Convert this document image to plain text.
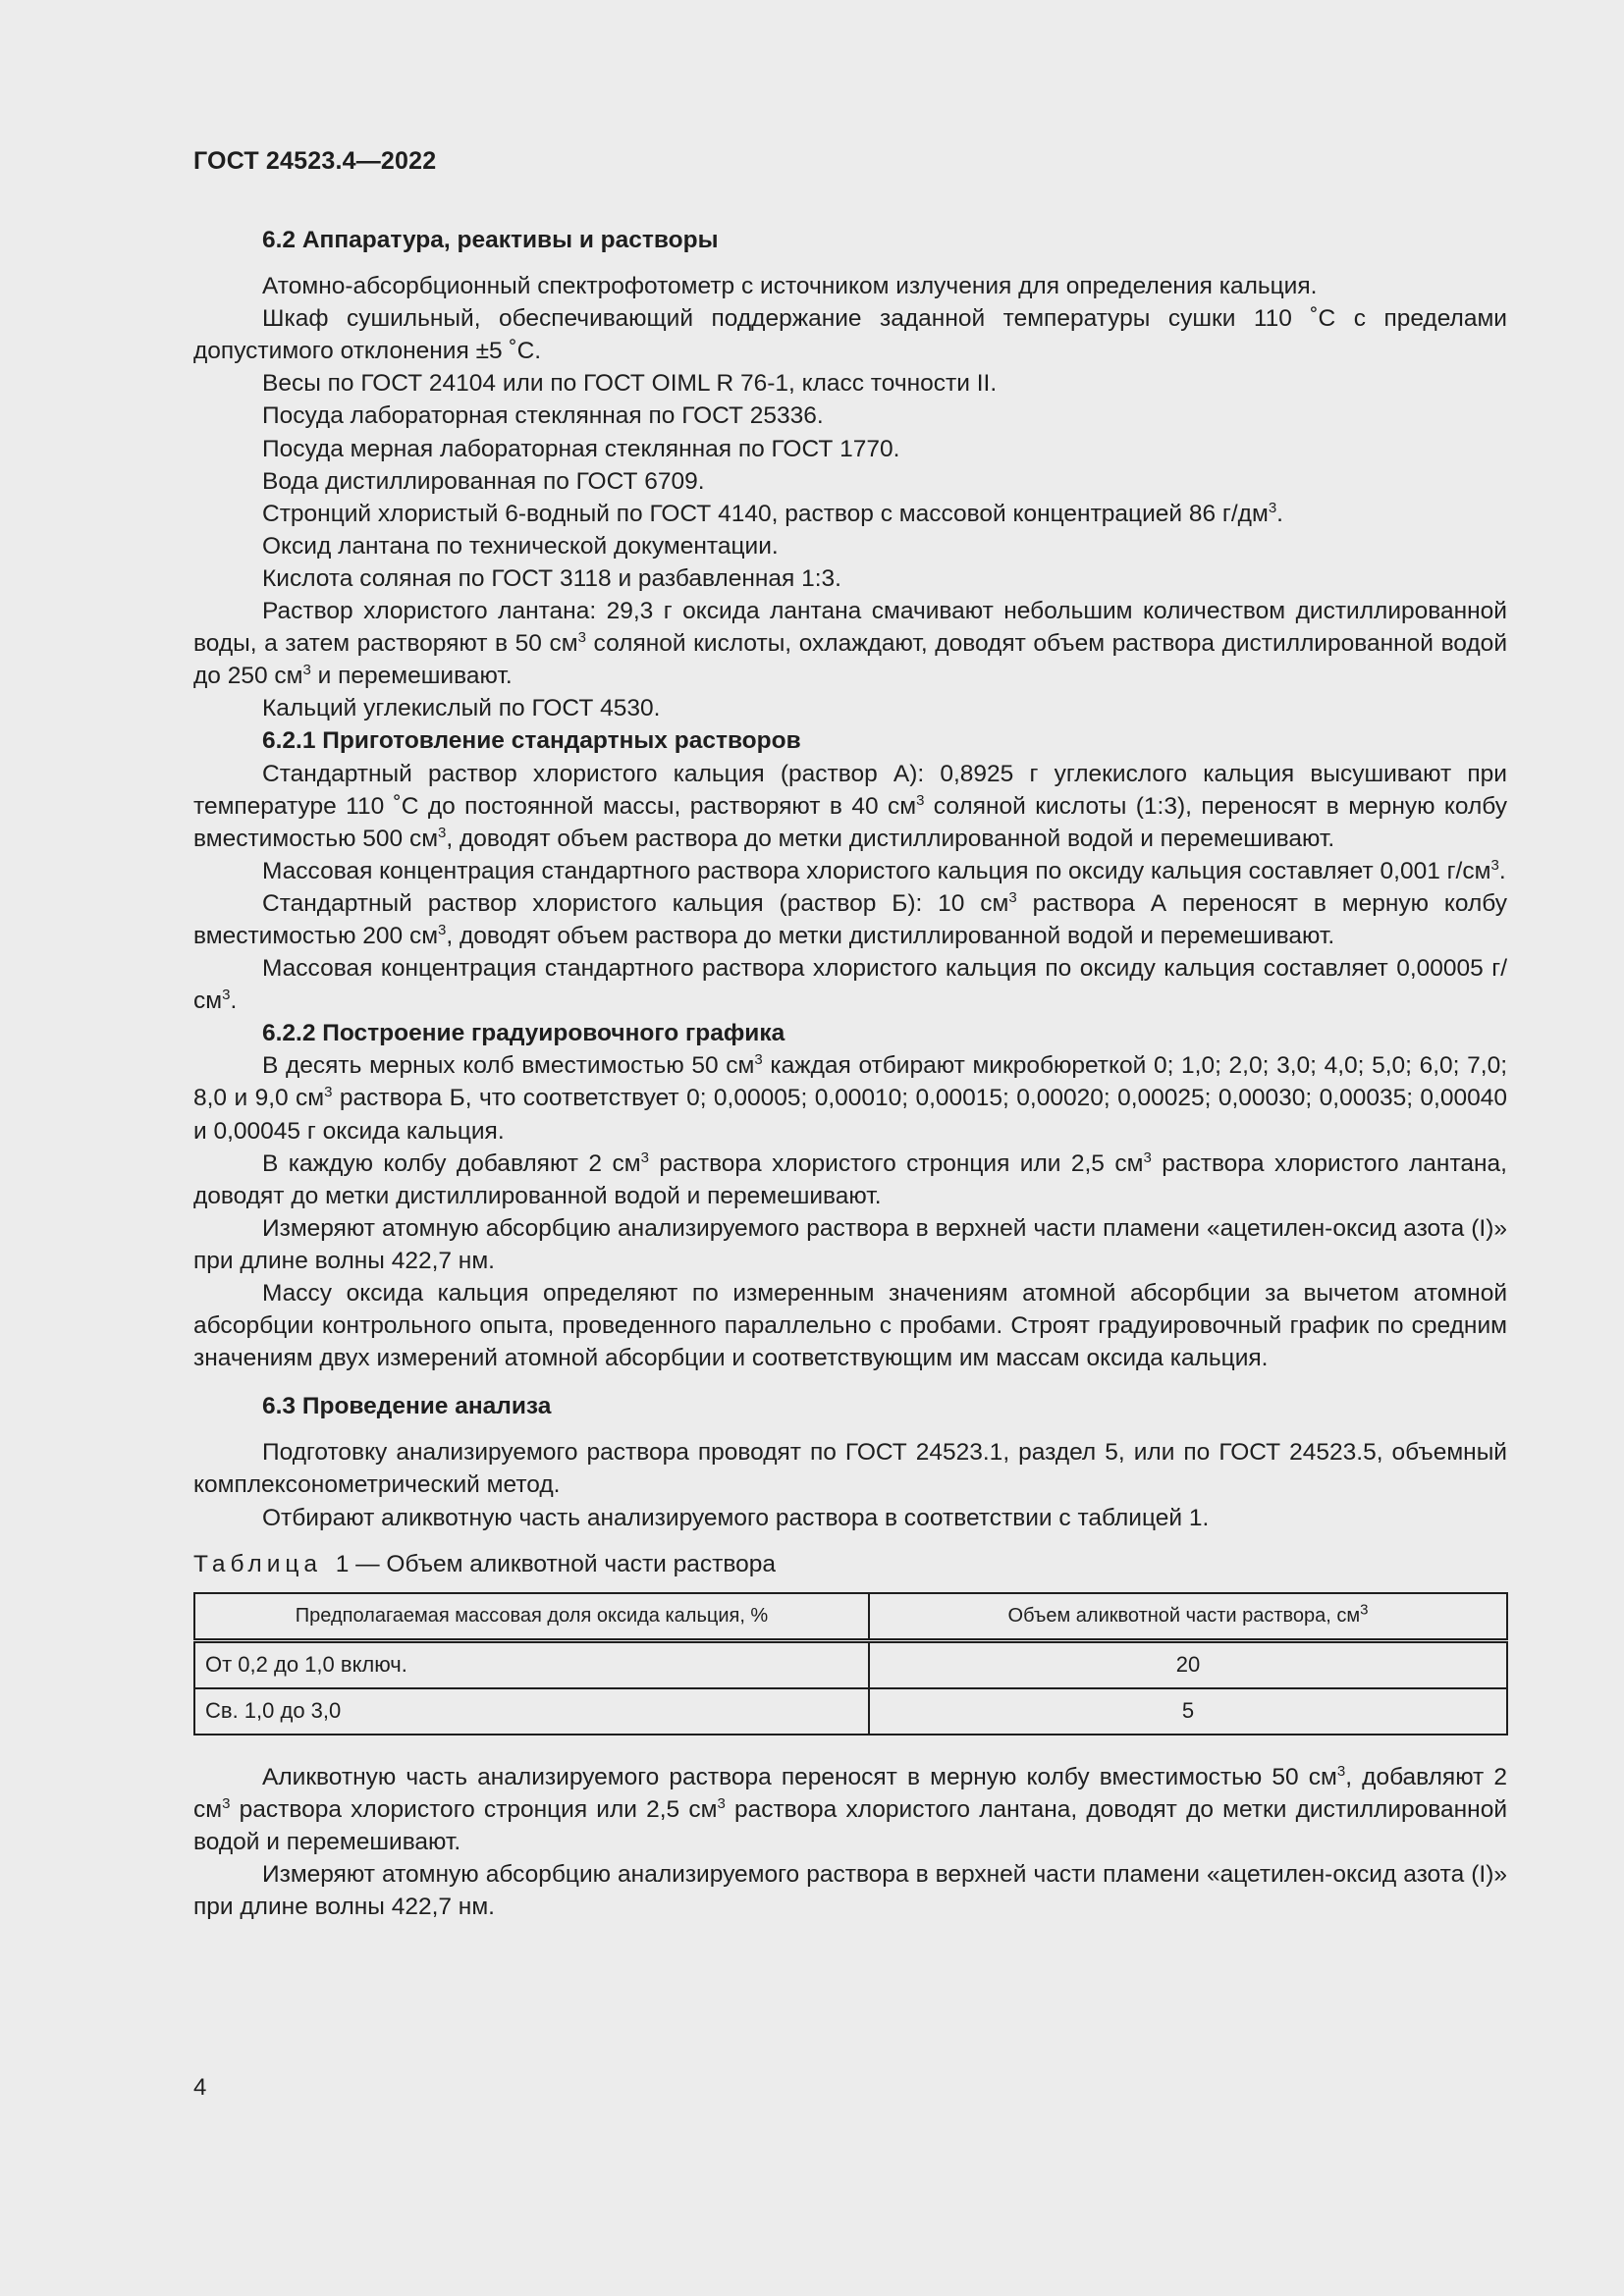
ГОСТ 24523.4—2022
6.2 Аппаратура, реактивы и растворы

Атомно-абсорбционный спектрофотометр с источником излучения для определения кальция.

Шкаф сушильный, обеспечивающий поддержание заданной температуры сушки 110 ˚С с пределами допустимого отклонения ±5 ˚С.

Весы по ГОСТ 24104 или по ГОСТ OIML R 76-1, класс точности II.

Посуда лабораторная стеклянная по ГОСТ 25336.

Посуда мерная лабораторная стеклянная по ГОСТ 1770.

Вода дистиллированная по ГОСТ 6709.

Стронций хлористый 6-водный по ГОСТ 4140, раствор с массовой концентрацией 86 $г/дм^3$.

Оксид лантана по технической документации.

Кислота соляная по ГОСТ 3118 и разбавленная 1:3.

Раствор хлористого лантана: 29,3 г оксида лантана смачивают небольшим количеством дистиллированной воды, а затем растворяют в 50 $см^3$ соляной кислоты, охлаждают, доводят объем раствора дистиллированной водой до 250 $см^3$ и перемешивают.

Кальций углекислый по ГОСТ 4530.

6.2.1 Приготовление стандартных растворов

Стандартный раствор хлористого кальция (раствор А): 0,8925 г углекислого кальция высушивают при температуре 110 ˚С до постоянной массы, растворяют в 40 $см^3$ соляной кислоты (1:3), переносят в мерную колбу вместимостью 500 $см^3$, доводят объем раствора до метки дистиллированной водой и перемешивают.

Массовая концентрация стандартного раствора хлористого кальция по оксиду кальция составляет 0,001 $г/см^3$.

Стандартный раствор хлористого кальция (раствор Б): 10 $см^3$ раствора А переносят в мерную колбу вместимостью 200 $см^3$, доводят объем раствора до метки дистиллированной водой и перемешивают.

Массовая концентрация стандартного раствора хлористого кальция по оксиду кальция составляет 0,00005 $г/см^3$.

6.2.2 Построение градуировочного графика

В десять мерных колб вместимостью 50 $см^3$ каждая отбирают микробюреткой 0; 1,0; 2,0; 3,0; 4,0; 5,0; 6,0; 7,0; 8,0 и 9,0 $см^3$ раствора Б, что соответствует 0; 0,00005; 0,00010; 0,00015; 0,00020; 0,00025; 0,00030; 0,00035; 0,00040 и 0,00045 г оксида кальция.

В каждую колбу добавляют 2 $см^3$ раствора хлористого стронция или 2,5 $см^3$ раствора хлористого лантана, доводят до метки дистиллированной водой и перемешивают.

Измеряют атомную абсорбцию анализируемого раствора в верхней части пламени «ацетилен-оксид азота (I)» при длине волны 422,7 нм.

Массу оксида кальция определяют по измеренным значениям атомной абсорбции за вычетом атомной абсорбции контрольного опыта, проведенного параллельно с пробами. Строят градуировочный график по средним значениям двух измерений атомной абсорбции и соответствующим им массам оксида кальция.

6.3 Проведение анализа

Подготовку анализируемого раствора проводят по ГОСТ 24523.1, раздел 5, или по ГОСТ 24523.5, объемный комплексонометрический метод.

Отбирают аликвотную часть анализируемого раствора в соответствии с таблицей 1.

Таблица 1 — Объем аликвотной части раствора

Предполагаемая массовая доля оксида кальция, %	Объем аликвотной части раствора, $см^3$
От 0,2 до 1,0 включ.	20
Св. 1,0 до 3,0	5

Аликвотную часть анализируемого раствора переносят в мерную колбу вместимостью 50 $см^3$, добавляют 2 $см^3$ раствора хлористого стронция или 2,5 $см^3$ раствора хлористого лантана, доводят до метки дистиллированной водой и перемешивают.

Измеряют атомную абсорбцию анализируемого раствора в верхней части пламени «ацетилен-оксид азота (I)» при длине волны 422,7 нм.

4
